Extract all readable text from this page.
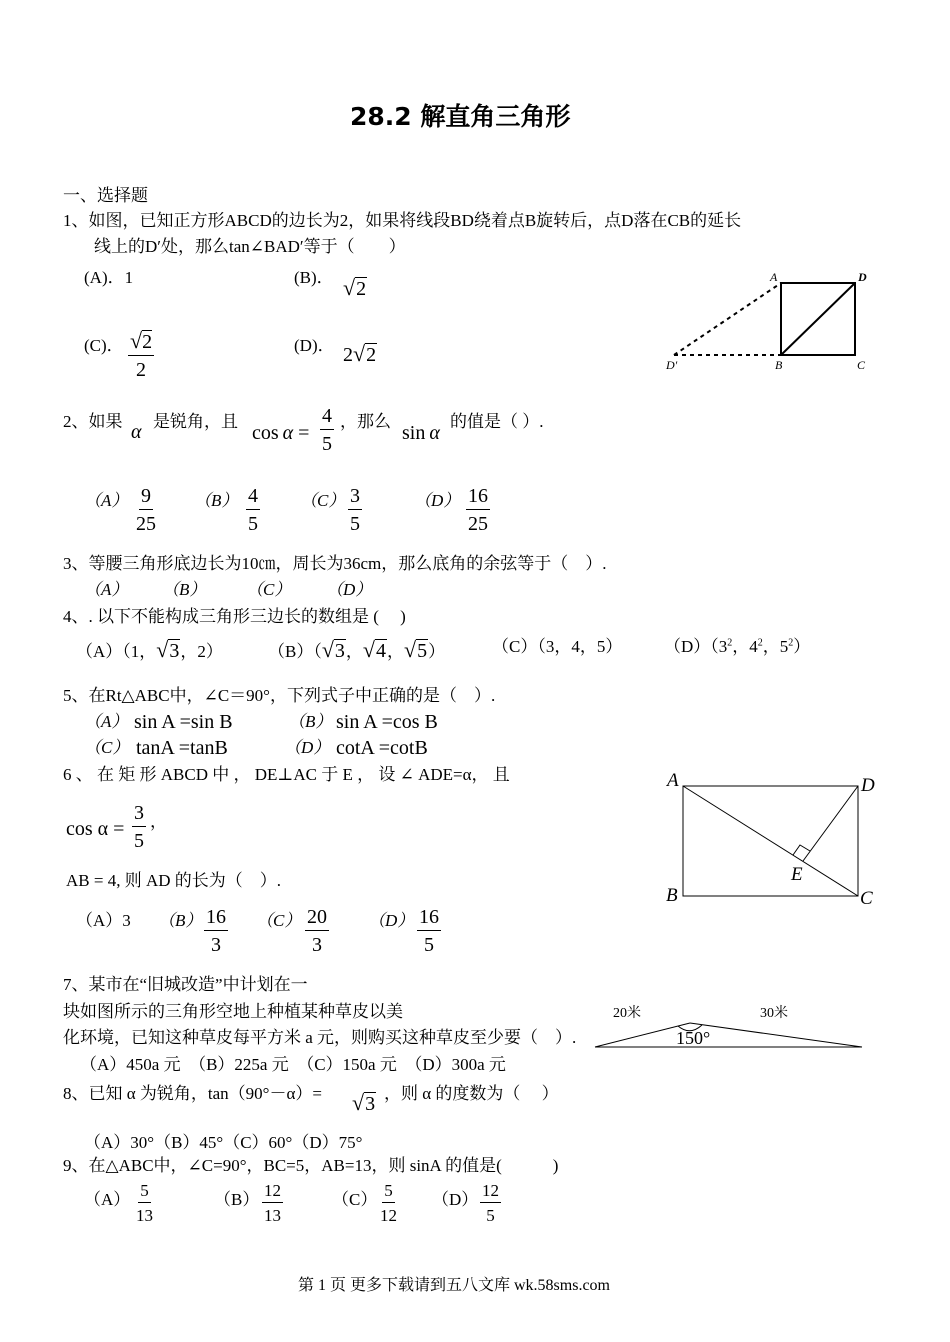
28.2 解直角三角形
一、选择题
1、如图，已知正方形ABCD的边长为2，如果将线段BD绕着点B旋转后，点D落在CB的延长
线上的D′处，那么tan∠BAD′等于（　　）
(A)．1	(B)． √2
(C)． $\frac{√2}{2}$	(D)． 2√2
A	D
B	C
D'
2、如果 α 是锐角，且
$\cos \alpha = \frac{4}{5}$ ，那么
sin α
的值是（ ）.
$(A) \frac{9}{25} (B) \frac{4}{5} (C) \frac{3}{5}$	$(D) \frac{16}{25}$
3、等腰三角形底边长为10㎝，周长为36cm，那么底角的余弦等于（　）.
（A） （B） （C） （D）
4、. 以下不能构成三角形三边长的数组是 (　 )
（A）（1，√3，2）	（B）（√3，√4，√5）	（C）（3，4，5） $(D)(3^2$，$4^2$，$5^2$）
5、在Rt△ABC中，∠C＝90°，下列式子中正确的是（　）.
（A） sin A =sin B	（B） sin A =cos B
（C） tanA =tanB	（D） cotA =cotB
6 、 在 矩 形 ABCD 中 ， DE⊥AC 于 E ， 设 ∠ ADE=α， 且
$\cos \alpha = \frac{3}{5}$ ，
AB = 4, 则 AD 的长为（　）.
（A）3 $(B) \frac{16}{3} (C) \frac{20}{3} (D) \frac{16}{5}$
A	D
B	C
E
7、某市在“旧城改造”中计划在一
块如图所示的三角形空地上种植某种草皮以美
化环境，已知这种草皮每平方米 a 元，则购买这种草皮至少要（　）.
（A）450a 元　（B）225a 元　（C）150a 元　（D）300a 元
20米	30米
150°
8、已知 α 为锐角，tan（90°－α）= √3 ，则 α 的度数为（　 ）
（A）30°（B）45°（C）60°（D）75°
9、在△ABC中，∠C=90°，BC=5，AB=13，则 sinA 的值是(　　　)
$(A) \frac{5}{13}$	$(B) \frac{12}{13}$	$(C) \frac{5}{12} (D) \frac{12}{5}$
第 1 页 更多下载请到五八文库 wk.58sms.com
